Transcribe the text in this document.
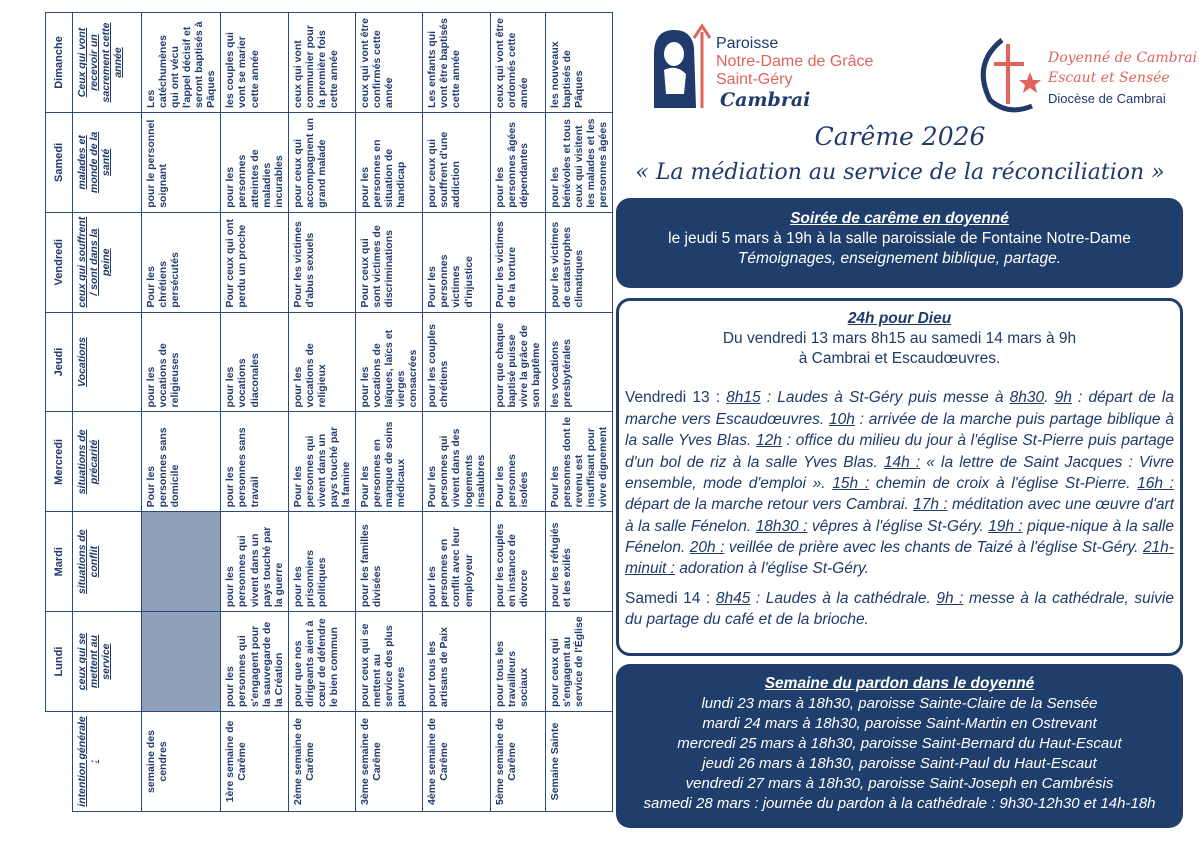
	Lundi	Mardi	Mercredi	Jeudi	Vendredi	Samedi	Dimanche
intention générale :	ceux qui se mettent au service	situations de conflit	situations de précarité	Vocations	ceux qui souffrent / sont dans la peine	malades et monde de la santé	Ceux qui vont recevoir un sacrement cette année
semaine des cendres			Pour les personnes sans domicile	pour les vocations de religieuses	Pour les chrétiens persécutés	pour le personnel soignant	Les catéchumènes qui ont vécu l'appel décisif et seront baptisés à Pâques
1ère semaine de Carême	pour les personnes qui s'engagent pour la sauvegarde de la Création	pour les personnes qui vivent dans un pays touché par la guerre	pour les personnes sans travail	pour les vocations diaconales	Pour ceux qui ont perdu un proche	pour les personnes atteintes de maladies incurables	les couples qui vont se marier cette année
2ème semaine de Carême	pour que nos dirigeants aient à cœur de défendre le bien commun	pour les prisonniers politiques	Pour les personnes qui vivent dans un pays touché par la famine	pour les vocations de religieux	Pour les victimes d'abus sexuels	pour ceux qui accompagnent un grand malade	ceux qui vont communier pour la première fois cette année
3ème semaine de Carême	pour ceux qui se mettent au service des plus pauvres	pour les familles divisées	Pour les personnes en manque de soins médicaux	pour les vocations de laïques, laïcs et vierges consacrées	Pour ceux qui sont victimes de discriminations	pour les personnes en situation de handicap	ceux qui vont être confirmés cette année
4ème semaine de Carême	pour tous les artisans de Paix	pour les personnes en conflit avec leur employeur	Pour les personnes qui vivent dans des logements insalubres	pour les couples chrétiens	Pour les personnes victimes d'injustice	pour ceux qui souffrent d'une addiction	Les enfants qui vont être baptisés cette année
5ème semaine de Carême	pour tous les travailleurs sociaux	pour les couples en instance de divorce	Pour les personnes isolées	pour que chaque baptisé puisse vivre la grâce de son baptême	Pour les victimes de la torture	pour les personnes âgées dépendantes	ceux qui vont être ordonnés cette année
Semaine Sainte	pour ceux qui s'engagent au service de l'Église	pour les réfugiés et les exilés	Pour les personnes dont le revenu est insuffisant pour vivre dignement	les vocations presbytérales	pour les victimes de catastrophes climatiques	pour les bénévoles et tous ceux qui visitent les malades et les personnes âgées	les nouveaux baptisés de Pâques
Paroisse
Notre-Dame de Grâce
Saint-Géry
Cambrai
Doyenné de Cambrai
Escaut et Sensée
Diocèse de Cambrai
Carême 2026
« La médiation au service de la réconciliation »
Soirée de carême en doyenné
le jeudi 5 mars à 19h à la salle paroissiale de Fontaine Notre-Dame
Témoignages, enseignement biblique, partage.
24h pour Dieu
Du vendredi 13 mars 8h15 au samedi 14 mars à 9h
à Cambrai et Escaudœuvres.
Vendredi 13 : 8h15 : Laudes à St-Géry puis messe à 8h30. 9h : départ de la marche vers Escaudœuvres. 10h : arrivée de la marche puis partage biblique à la salle Yves Blas. 12h : office du milieu du jour à l'église St-Pierre puis partage d'un bol de riz à la salle Yves Blas. 14h : « la lettre de Saint Jacques : Vivre ensemble, mode d'emploi ». 15h : chemin de croix à l'église St-Pierre. 16h : départ de la marche retour vers Cambrai. 17h : méditation avec une œuvre d'art à la salle Fénelon. 18h30 : vêpres à l'église St-Géry. 19h : pique-nique à la salle Fénelon. 20h : veillée de prière avec les chants de Taizé à l'église St-Géry. 21h-minuit : adoration à l'église St-Géry.
Samedi 14 : 8h45 : Laudes à la cathédrale. 9h : messe à la cathédrale, suivie du partage du café et de la brioche.
Semaine du pardon dans le doyenné
lundi 23 mars à 18h30, paroisse Sainte-Claire de la Sensée
mardi 24 mars à 18h30, paroisse Saint-Martin en Ostrevant
mercredi 25 mars à 18h30, paroisse Saint-Bernard du Haut-Escaut
jeudi 26 mars à 18h30, paroisse Saint-Paul du Haut-Escaut
vendredi 27 mars à 18h30, paroisse Saint-Joseph en Cambrésis
samedi 28 mars : journée du pardon à la cathédrale : 9h30-12h30 et 14h-18h
